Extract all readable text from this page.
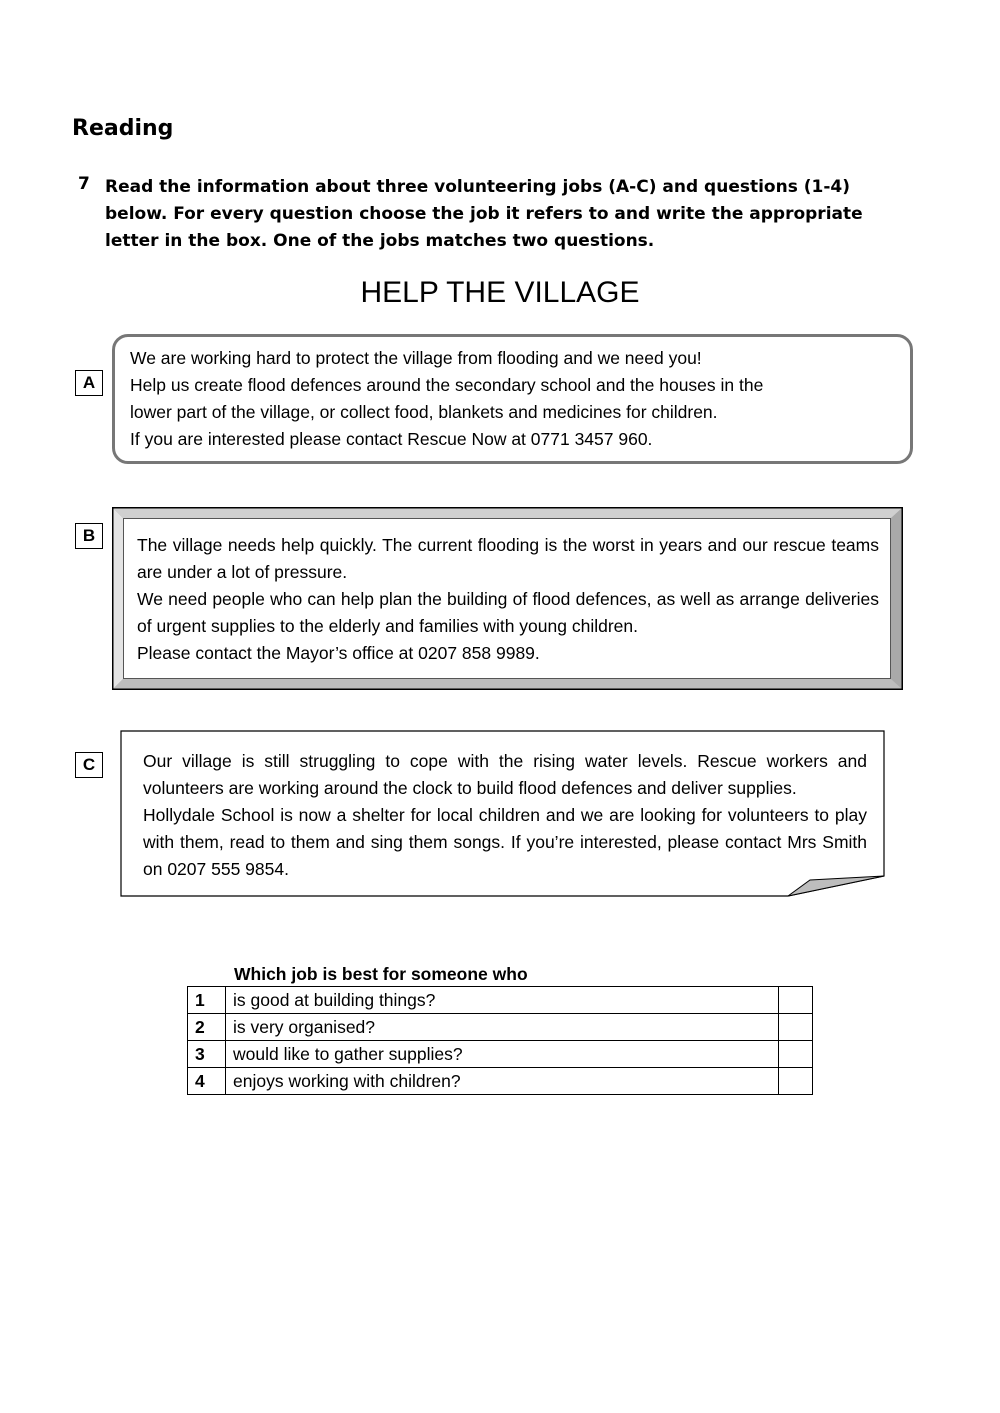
Reading
7 Read the information about three volunteering jobs (A-C) and questions (1-4) below. For every question choose the job it refers to and write the appropriate letter in the box. One of the jobs matches two questions.
HELP THE VILLAGE
A
We are working hard to protect the village from flooding and we need you!
Help us create flood defences around the secondary school and the houses in the
lower part of the village, or collect food, blankets and medicines for children.
If you are interested please contact Rescue Now at 0771 3457 960.
B	The village needs help quickly. The current flooding is the worst in years and our rescue teams are under a lot of pressure.
We need people who can help plan the building of flood defences, as well as arrange deliveries of urgent supplies to the elderly and families with young children.
Please contact the Mayor’s office at 0207 858 9989.
C	Our village is still struggling to cope with the rising water levels. Rescue workers and volunteers are working around the clock to build flood defences and deliver supplies.
Hollydale School is now a shelter for local children and we are looking for volunteers to play with them, read to them and sing them songs. If you’re interested, please contact Mrs Smith on 0207 555 9854.
Which job is best for someone who
1	is good at building things?	
2	is very organised?	
3	would like to gather supplies?	
4	enjoys working with children?	
